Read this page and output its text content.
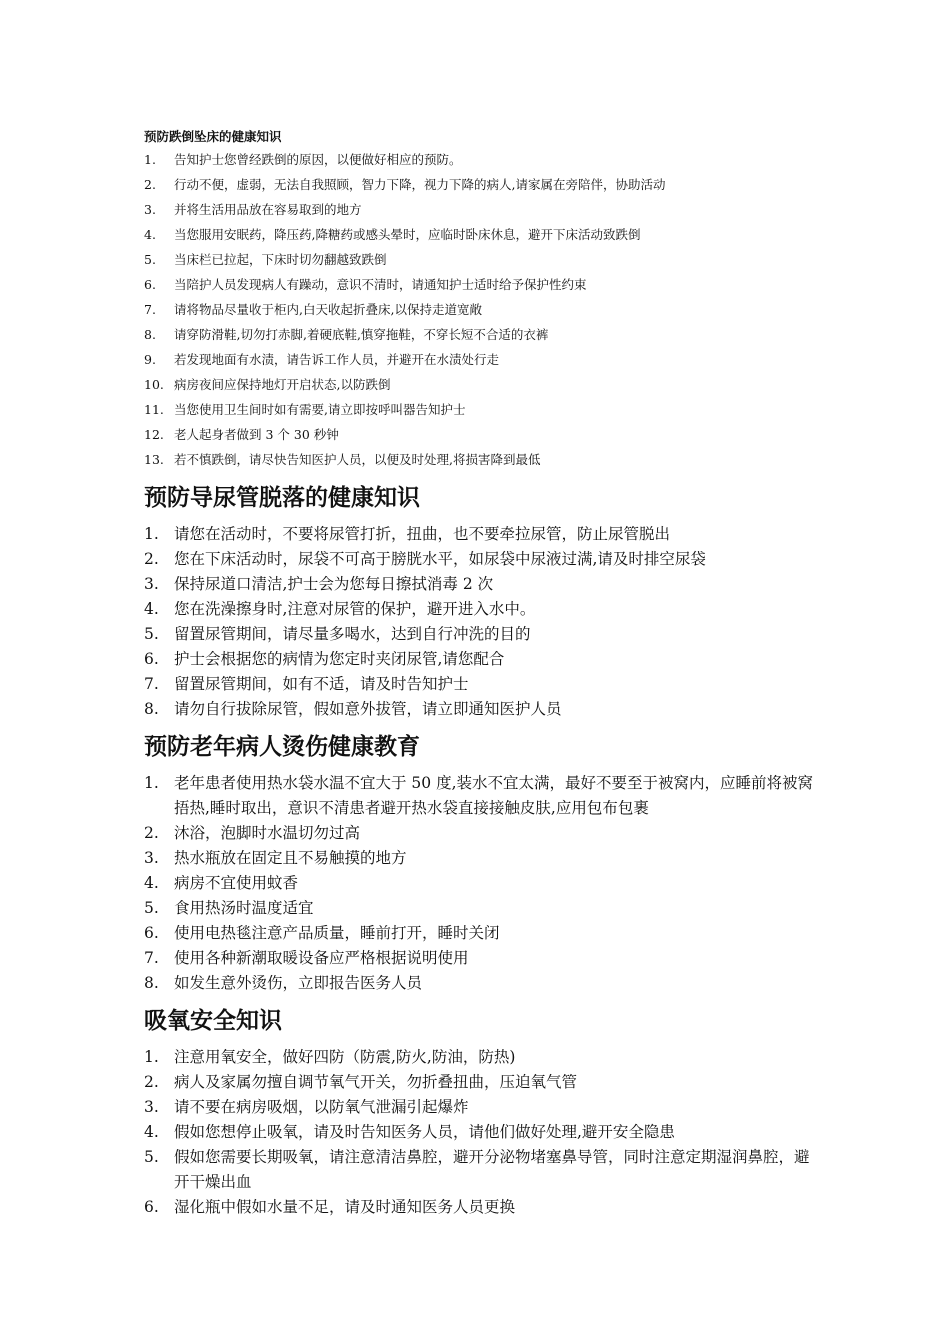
预防跌倒坠床的健康知识
1. 告知护士您曾经跌倒的原因，以便做好相应的预防。
2. 行动不便，虚弱，无法自我照顾，智力下降，视力下降的病人,请家属在旁陪伴，协助活动
3. 并将生活用品放在容易取到的地方
4. 当您服用安眠药，降压药,降糖药或感头晕时，应临时卧床休息，避开下床活动致跌倒
5. 当床栏已拉起，下床时切勿翻越致跌倒
6. 当陪护人员发现病人有躁动，意识不清时，请通知护士适时给予保护性约束
7. 请将物品尽量收于柜内,白天收起折叠床,以保持走道宽敞
8. 请穿防滑鞋,切勿打赤脚,着硬底鞋,慎穿拖鞋，不穿长短不合适的衣裤
9. 若发现地面有水渍，请告诉工作人员，并避开在水渍处行走
10. 病房夜间应保持地灯开启状态,以防跌倒
11. 当您使用卫生间时如有需要,请立即按呼叫器告知护士
12. 老人起身者做到 3 个 30 秒钟
13. 若不慎跌倒，请尽快告知医护人员，以便及时处理,将损害降到最低
预防导尿管脱落的健康知识
1. 请您在活动时，不要将尿管打折，扭曲，也不要牵拉尿管，防止尿管脱出
2. 您在下床活动时，尿袋不可高于膀胱水平，如尿袋中尿液过满,请及时排空尿袋
3. 保持尿道口清洁,护士会为您每日擦拭消毒 2 次
4. 您在洗澡擦身时,注意对尿管的保护，避开进入水中。
5. 留置尿管期间，请尽量多喝水，达到自行冲洗的目的
6. 护士会根据您的病情为您定时夹闭尿管,请您配合
7. 留置尿管期间，如有不适，请及时告知护士
8. 请勿自行拔除尿管，假如意外拔管，请立即通知医护人员
预防老年病人烫伤健康教育
1. 老年患者使用热水袋水温不宜大于 50 度,装水不宜太满，最好不要至于被窝内，应睡前将被窝捂热,睡时取出，意识不清患者避开热水袋直接接触皮肤,应用包布包裹
2. 沐浴，泡脚时水温切勿过高
3. 热水瓶放在固定且不易触摸的地方
4. 病房不宜使用蚊香
5. 食用热汤时温度适宜
6. 使用电热毯注意产品质量，睡前打开，睡时关闭
7. 使用各种新潮取暖设备应严格根据说明使用
8. 如发生意外烫伤，立即报告医务人员
吸氧安全知识
1. 注意用氧安全，做好四防（防震,防火,防油，防热)
2. 病人及家属勿擅自调节氧气开关，勿折叠扭曲，压迫氧气管
3. 请不要在病房吸烟，以防氧气泄漏引起爆炸
4. 假如您想停止吸氧，请及时告知医务人员，请他们做好处理,避开安全隐患
5. 假如您需要长期吸氧，请注意清洁鼻腔，避开分泌物堵塞鼻导管，同时注意定期湿润鼻腔，避开干燥出血
6. 湿化瓶中假如水量不足，请及时通知医务人员更换
